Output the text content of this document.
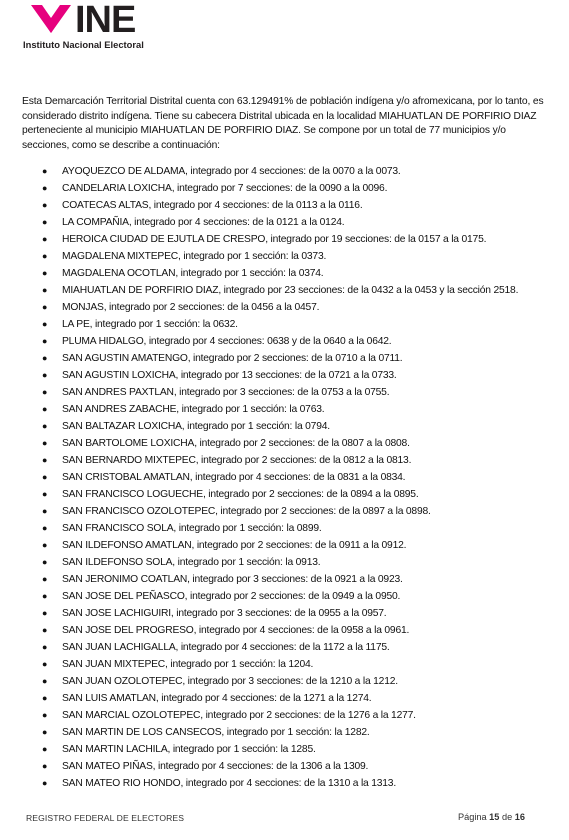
INE
Instituto Nacional Electoral

Esta Demarcación Territorial Distrital cuenta con 63.129491% de población indígena y/o afromexicana, por lo tanto, es considerado distrito indígena. Tiene su cabecera Distrital ubicada en la localidad MIAHUATLAN DE PORFIRIO DIAZ perteneciente al municipio MIAHUATLAN DE PORFIRIO DIAZ. Se compone por un total de 77 municipios y/o secciones, como se describe a continuación:

● AYOQUEZCO DE ALDAMA, integrado por 4 secciones: de la 0070 a la 0073.
● CANDELARIA LOXICHA, integrado por 7 secciones: de la 0090 a la 0096.
● COATECAS ALTAS, integrado por 4 secciones: de la 0113 a la 0116.
● LA COMPAÑIA, integrado por 4 secciones: de la 0121 a la 0124.
● HEROICA CIUDAD DE EJUTLA DE CRESPO, integrado por 19 secciones: de la 0157 a la 0175.
● MAGDALENA MIXTEPEC, integrado por 1 sección: la 0373.
● MAGDALENA OCOTLAN, integrado por 1 sección: la 0374.
● MIAHUATLAN DE PORFIRIO DIAZ, integrado por 23 secciones: de la 0432 a la 0453 y la sección 2518.
● MONJAS, integrado por 2 secciones: de la 0456 a la 0457.
● LA PE, integrado por 1 sección: la 0632.
● PLUMA HIDALGO, integrado por 4 secciones: 0638 y de la 0640 a la 0642.
● SAN AGUSTIN AMATENGO, integrado por 2 secciones: de la 0710 a la 0711.
● SAN AGUSTIN LOXICHA, integrado por 13 secciones: de la 0721 a la 0733.
● SAN ANDRES PAXTLAN, integrado por 3 secciones: de la 0753 a la 0755.
● SAN ANDRES ZABACHE, integrado por 1 sección: la 0763.
● SAN BALTAZAR LOXICHA, integrado por 1 sección: la 0794.
● SAN BARTOLOME LOXICHA, integrado por 2 secciones: de la 0807 a la 0808.
● SAN BERNARDO MIXTEPEC, integrado por 2 secciones: de la 0812 a la 0813.
● SAN CRISTOBAL AMATLAN, integrado por 4 secciones: de la 0831 a la 0834.
● SAN FRANCISCO LOGUECHE, integrado por 2 secciones: de la 0894 a la 0895.
● SAN FRANCISCO OZOLOTEPEC, integrado por 2 secciones: de la 0897 a la 0898.
● SAN FRANCISCO SOLA, integrado por 1 sección: la 0899.
● SAN ILDEFONSO AMATLAN, integrado por 2 secciones: de la 0911 a la 0912.
● SAN ILDEFONSO SOLA, integrado por 1 sección: la 0913.
● SAN JERONIMO COATLAN, integrado por 3 secciones: de la 0921 a la 0923.
● SAN JOSE DEL PEÑASCO, integrado por 2 secciones: de la 0949 a la 0950.
● SAN JOSE LACHIGUIRI, integrado por 3 secciones: de la 0955 a la 0957.
● SAN JOSE DEL PROGRESO, integrado por 4 secciones: de la 0958 a la 0961.
● SAN JUAN LACHIGALLA, integrado por 4 secciones: de la 1172 a la 1175.
● SAN JUAN MIXTEPEC, integrado por 1 sección: la 1204.
● SAN JUAN OZOLOTEPEC, integrado por 3 secciones: de la 1210 a la 1212.
● SAN LUIS AMATLAN, integrado por 4 secciones: de la 1271 a la 1274.
● SAN MARCIAL OZOLOTEPEC, integrado por 2 secciones: de la 1276 a la 1277.
● SAN MARTIN DE LOS CANSECOS, integrado por 1 sección: la 1282.
● SAN MARTIN LACHILA, integrado por 1 sección: la 1285.
● SAN MATEO PIÑAS, integrado por 4 secciones: de la 1306 a la 1309.
● SAN MATEO RIO HONDO, integrado por 4 secciones: de la 1310 a la 1313.
REGISTRO FEDERAL DE ELECTORES	Página 15 de 16
